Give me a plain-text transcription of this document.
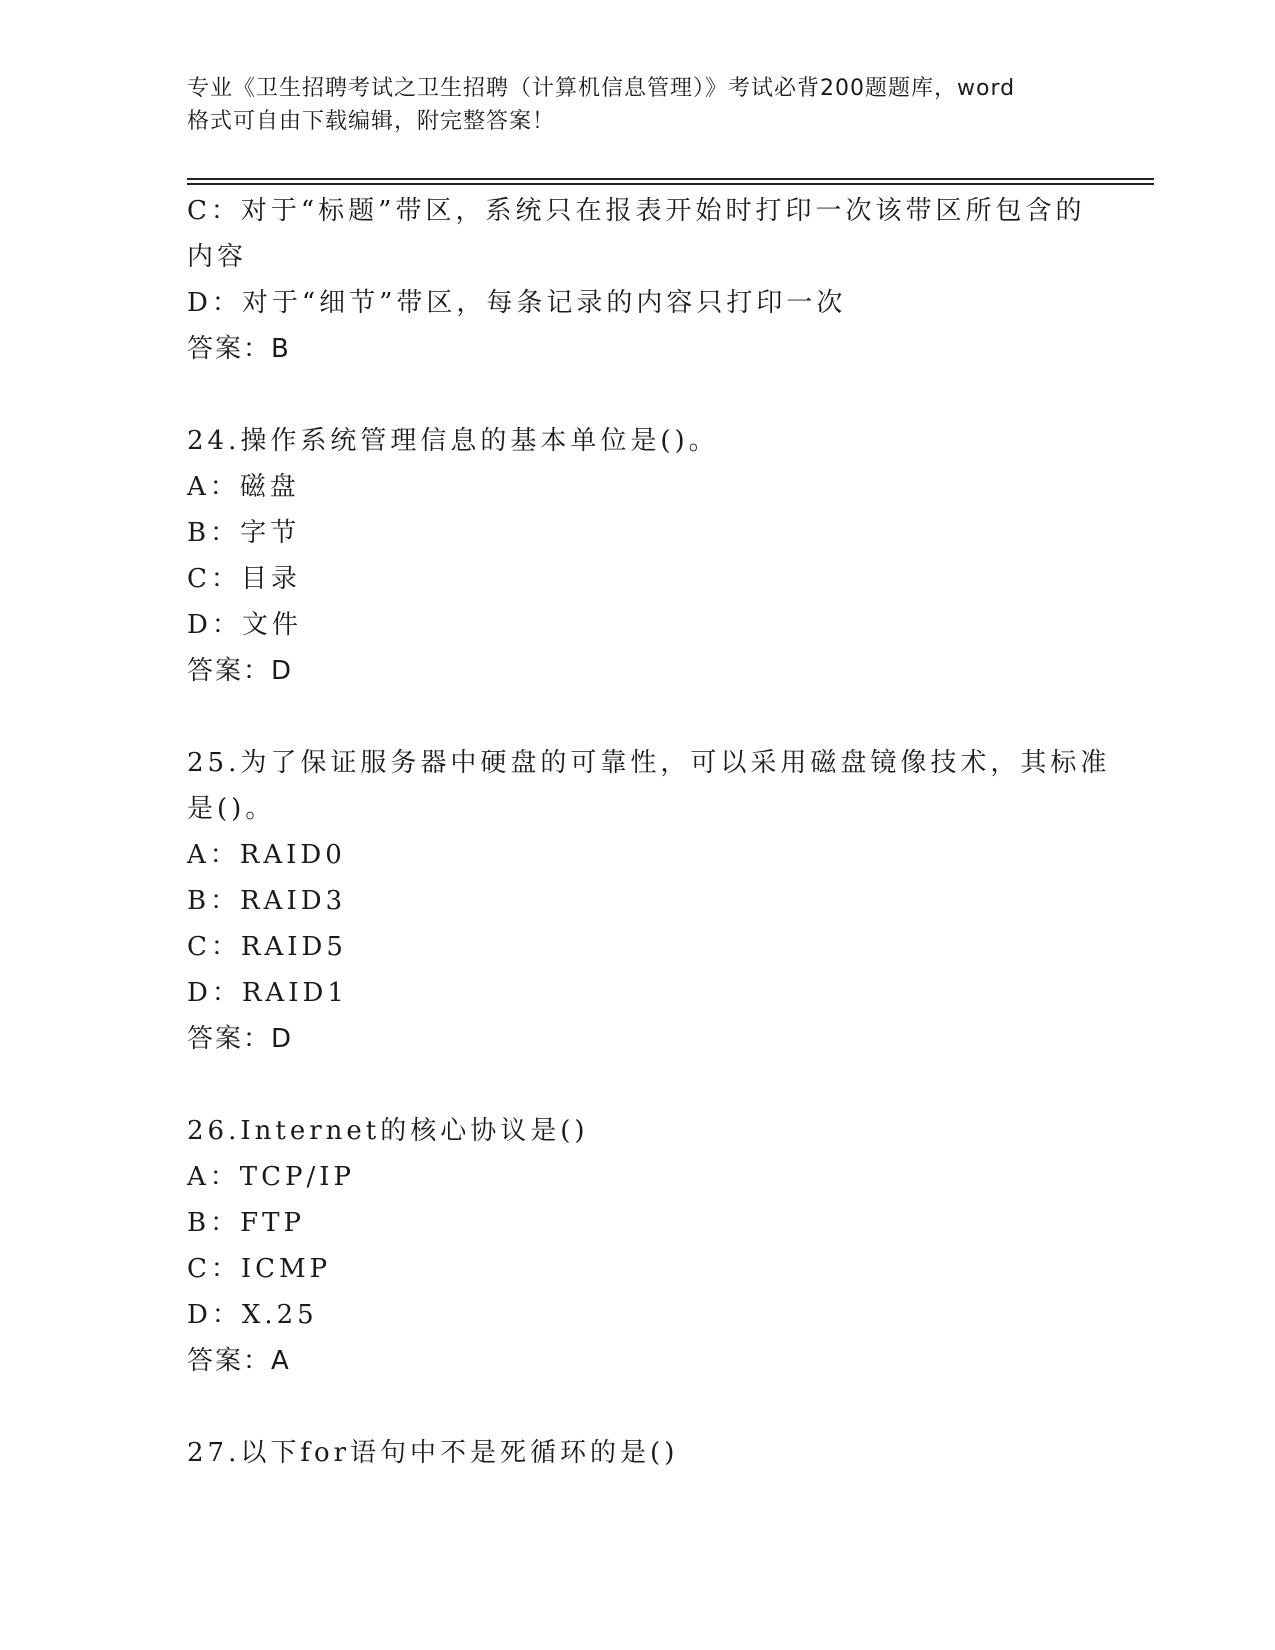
专业《卫生招聘考试之卫生招聘（计算机信息管理）》考试必背200题题库，word
格式可自由下载编辑，附完整答案！
C：对于“标题”带区，系统只在报表开始时打印一次该带区所包含的
内容
D：对于“细节”带区，每条记录的内容只打印一次
答案：B
24.操作系统管理信息的基本单位是()。
A：磁盘
B：字节
C：目录
D：文件
答案：D
25.为了保证服务器中硬盘的可靠性，可以采用磁盘镜像技术，其标准
是()。
A：RAID0
B：RAID3
C：RAID5
D：RAID1
答案：D
26.Internet的核心协议是()
A：TCP/IP
B：FTP
C：ICMP
D：X.25
答案：A
27.以下for语句中不是死循环的是()
